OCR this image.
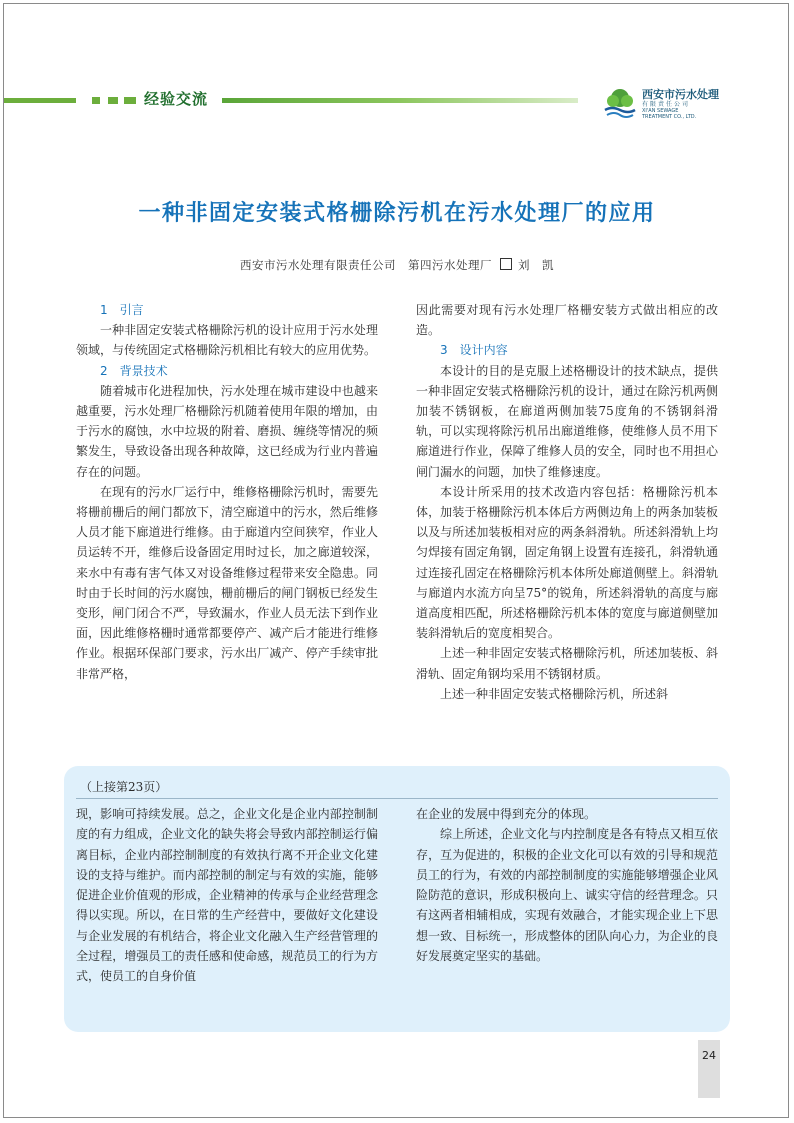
经验交流	西安市污水处理
有限责任公司
XI'AN SEWAGE
TREATMENT CO., LTD.
一种非固定安装式格栅除污机在污水处理厂的应用
西安市污水处理有限责任公司　第四污水处理厂 刘　凯
1　引言

一种非固定安装式格栅除污机的设计应用于污水处理领域，与传统固定式格栅除污机相比有较大的应用优势。

2　背景技术

随着城市化进程加快，污水处理在城市建设中也越来越重要，污水处理厂格栅除污机随着使用年限的增加，由于污水的腐蚀，水中垃圾的附着、磨损、缠绕等情况的频繁发生，导致设备出现各种故障，这已经成为行业内普遍存在的问题。

在现有的污水厂运行中，维修格栅除污机时，需要先将栅前栅后的闸门都放下，清空廊道中的污水，然后维修人员才能下廊道进行维修。由于廊道内空间狭窄，作业人员运转不开，维修后设备固定用时过长，加之廊道较深，来水中有毒有害气体又对设备维修过程带来安全隐患。同时由于长时间的污水腐蚀，栅前栅后的闸门钢板已经发生变形，闸门闭合不严，导致漏水，作业人员无法下到作业面，因此维修格栅时通常都要停产、减产后才能进行维修作业。根据环保部门要求，污水出厂减产、停产手续审批非常严格，

因此需要对现有污水处理厂格栅安装方式做出相应的改造。

3　设计内容

本设计的目的是克服上述格栅设计的技术缺点，提供一种非固定安装式格栅除污机的设计，通过在除污机两侧加装不锈钢板，在廊道两侧加装75度角的不锈钢斜滑轨，可以实现将除污机吊出廊道维修，使维修人员不用下廊道进行作业，保障了维修人员的安全，同时也不用担心闸门漏水的问题，加快了维修速度。

本设计所采用的技术改造内容包括：格栅除污机本体，加装于格栅除污机本体后方两侧边角上的两条加装板以及与所述加装板相对应的两条斜滑轨。所述斜滑轨上均匀焊接有固定角钢，固定角钢上设置有连接孔，斜滑轨通过连接孔固定在格栅除污机本体所处廊道侧壁上。斜滑轨与廊道内水流方向呈75°的锐角，所述斜滑轨的高度与廊道高度相匹配，所述格栅除污机本体的宽度与廊道侧壁加装斜滑轨后的宽度相契合。

上述一种非固定安装式格栅除污机，所述加装板、斜滑轨、固定角钢均采用不锈钢材质。

上述一种非固定安装式格栅除污机，所述斜

（上接第23页）

现，影响可持续发展。总之，企业文化是企业内部控制制度的有力组成，企业文化的缺失将会导致内部控制运行偏离目标，企业内部控制制度的有效执行离不开企业文化建设的支持与维护。而内部控制的制定与有效的实施，能够促进企业价值观的形成，企业精神的传承与企业经营理念得以实现。所以，在日常的生产经营中，要做好文化建设与企业发展的有机结合，将企业文化融入生产经营管理的全过程，增强员工的责任感和使命感，规范员工的行为方式，使员工的自身价值

在企业的发展中得到充分的体现。

综上所述，企业文化与内控制度是各有特点又相互依存，互为促进的，积极的企业文化可以有效的引导和规范员工的行为，有效的内部控制制度的实施能够增强企业风险防范的意识，形成积极向上、诚实守信的经营理念。只有这两者相辅相成，实现有效融合，才能实现企业上下思想一致、目标统一，形成整体的团队向心力，为企业的良好发展奠定坚实的基础。

24
